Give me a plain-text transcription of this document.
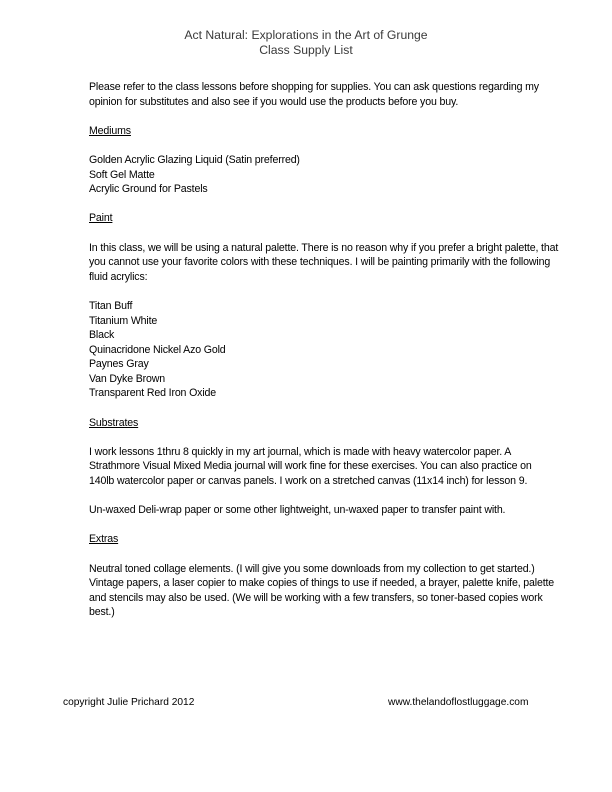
Act Natural: Explorations in the Art of Grunge
Class Supply List

Please refer to the class lessons before shopping for supplies. You can ask questions regarding my opinion for substitutes and also see if you would use the products before you buy.

Mediums
Golden Acrylic Glazing Liquid (Satin preferred)
Soft Gel Matte
Acrylic Ground for Pastels
Paint

In this class, we will be using a natural palette. There is no reason why if you prefer a bright palette, that you cannot use your favorite colors with these techniques. I will be painting primarily with the following fluid acrylics:

Titan Buff
Titanium White
Black
Quinacridone Nickel Azo Gold
Paynes Gray
Van Dyke Brown
Transparent Red Iron Oxide
Substrates

I work lessons 1thru 8 quickly in my art journal, which is made with heavy watercolor paper. A Strathmore Visual Mixed Media journal will work fine for these exercises. You can also practice on 140lb watercolor paper or canvas panels. I work on a stretched canvas (11x14 inch) for lesson 9.

Un-waxed Deli-wrap paper or some other lightweight, un-waxed paper to transfer paint with.

Extras

Neutral toned collage elements. (I will give you some downloads from my collection to get started.) Vintage papers, a laser copier to make copies of things to use if needed, a brayer, palette knife, palette and stencils may also be used. (We will be working with a few transfers, so toner-based copies work best.)

copyright Julie Prichard 2012	www.thelandoflostluggage.com
